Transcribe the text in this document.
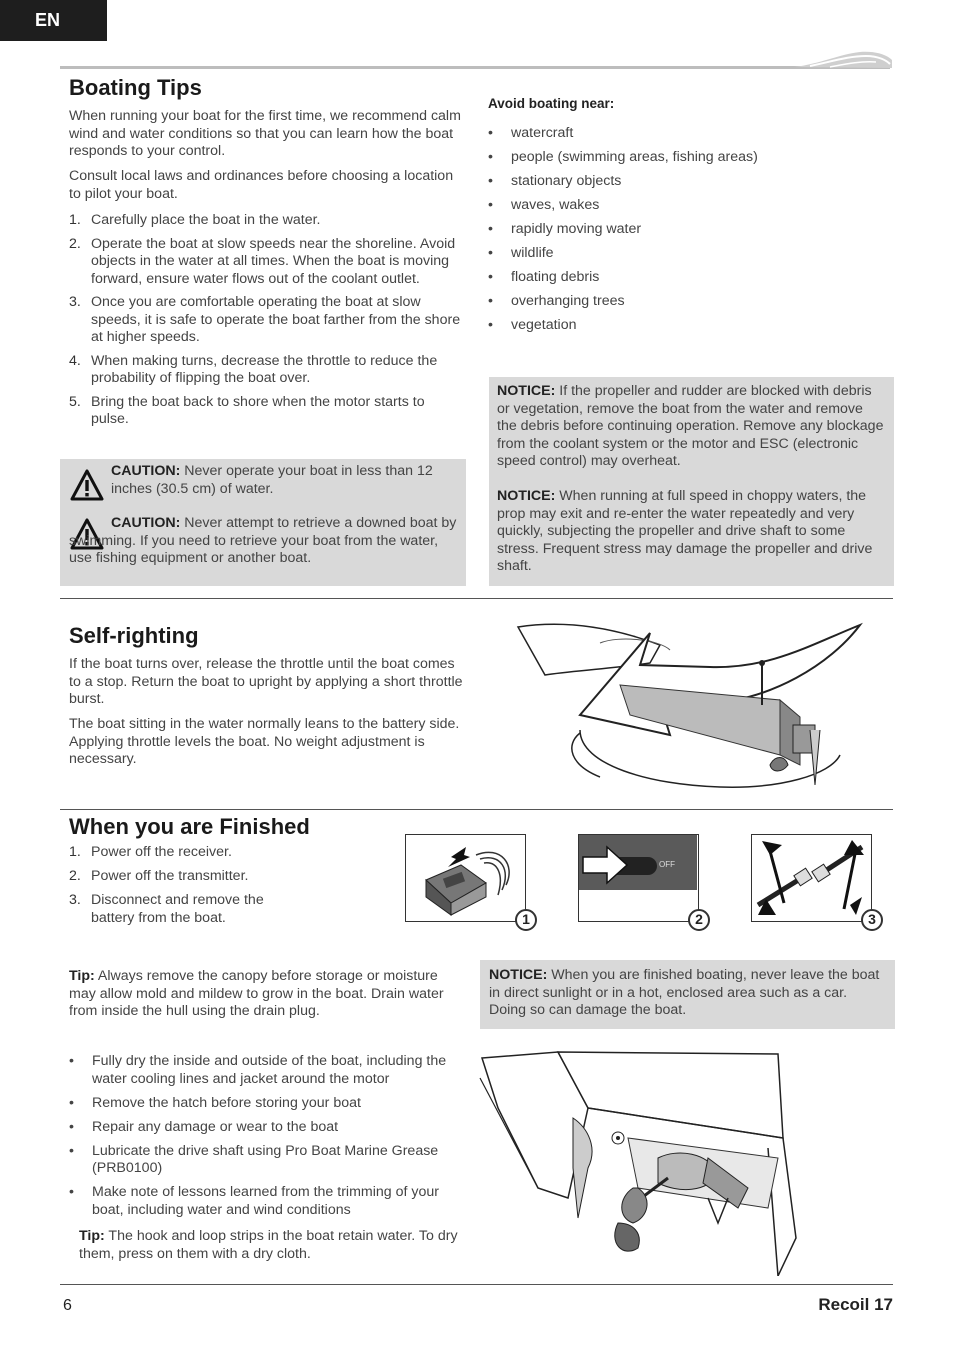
EN
Boating Tips

When running your boat for the first time, we recommend calm wind and water conditions so that you can learn how the boat responds to your control.

Consult local laws and ordinances before choosing a location to pilot your boat.

1. Carefully place the boat in the water.
2. Operate the boat at slow speeds near the shoreline. Avoid objects in the water at all times. When the boat is moving forward, ensure water flows out of the coolant outlet.
3. Once you are comfortable operating the boat at slow speeds, it is safe to operate the boat farther from the shore at higher speeds.
4. When making turns, decrease the throttle to reduce the probability of flipping the boat over.
5. Bring the boat back to shore when the motor starts to pulse.

CAUTION: Never operate your boat in less than 12 inches (30.5 cm) of water.

CAUTION: Never attempt to retrieve a downed boat by swimming. If you need to retrieve your boat from the water, use fishing equipment or another boat.

Avoid boating near:

• watercraft
• people (swimming areas, fishing areas)
• stationary objects
• waves, wakes
• rapidly moving water
• wildlife
• floating debris
• overhanging trees
• vegetation

NOTICE: If the propeller and rudder are blocked with debris or vegetation, remove the boat from the water and remove the debris before continuing operation. Remove any blockage from the coolant system or the motor and ESC (electronic speed control) may overheat.

NOTICE: When running at full speed in choppy waters, the prop may exit and re-enter the water repeatedly and very quickly, subjecting the propeller and drive shaft to some stress. Frequent stress may damage the propeller and drive shaft.

Self-righting

If the boat turns over, release the throttle until the boat comes to a stop. Return the boat to upright by applying a short throttle burst.

The boat sitting in the water normally leans to the battery side. Applying throttle levels the boat. No weight adjustment is necessary.

When you are Finished
1. Power off the receiver.
2. Power off the transmitter.
3. Disconnect and remove the battery from the boat.	1
OFF
2	3

Tip: Always remove the canopy before storage or moisture may allow mold and mildew to grow in the boat. Drain water from inside the hull using the drain plug.

• Fully dry the inside and outside of the boat, including the water cooling lines and jacket around the motor
• Remove the hatch before storing your boat
• Repair any damage or wear to the boat
• Lubricate the drive shaft using Pro Boat Marine Grease (PRB0100)
• Make note of lessons learned from the trimming of your boat, including water and wind conditions

Tip: The hook and loop strips in the boat retain water. To dry them, press on them with a dry cloth.

NOTICE: When you are finished boating, never leave the boat in direct sunlight or in a hot, enclosed area such as a car. Doing so can damage the boat.

6	Recoil 17
